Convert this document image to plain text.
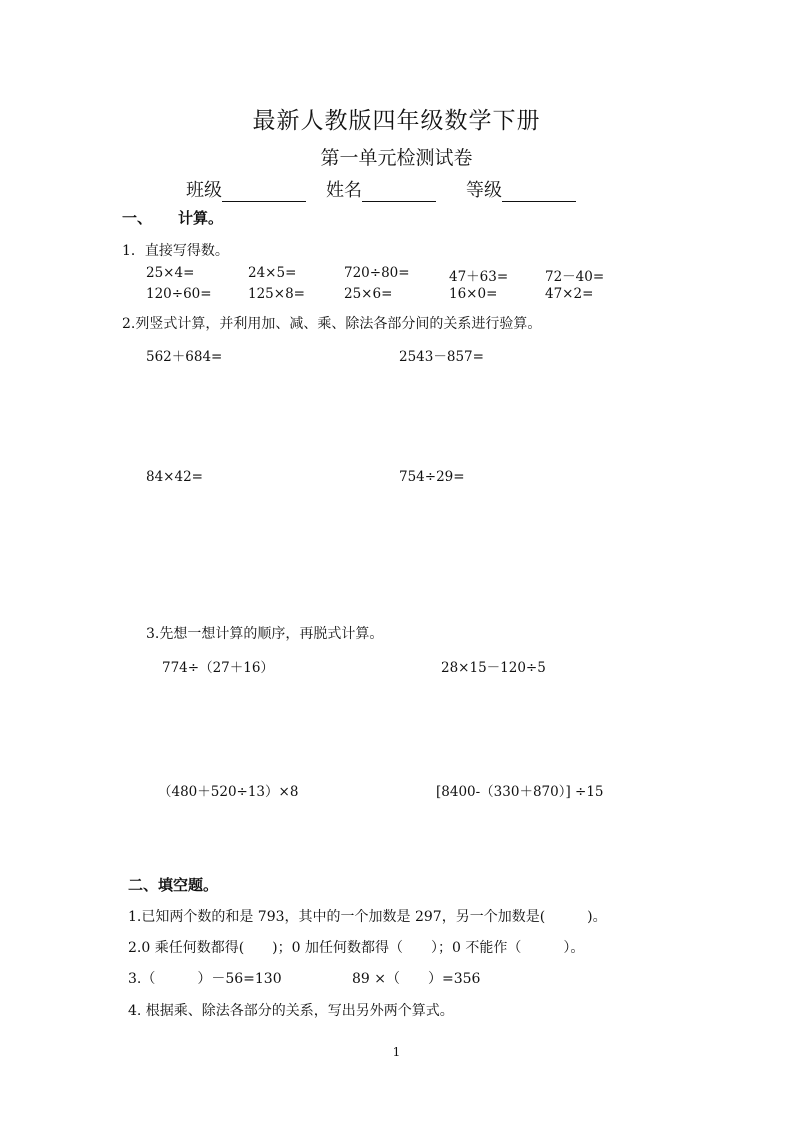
最新人教版四年级数学下册
第一单元检测试卷
班级	姓名	等级
一、 计算。
1．直接写得数。
25×4=	24×5=	720÷80=	47＋63=	72－40=
120÷60=	125×8=	25×6=	16×0=	47×2=
2.列竖式计算，并利用加、减、乘、除法各部分间的关系进行验算。
562＋684=	2543－857=
84×42=	754÷29=
3.先想一想计算的顺序，再脱式计算。
774÷（27＋16）	28×15－120÷5
（480＋520÷13）×8	[8400-（330＋870）] ÷15
二、填空题。
1.已知两个数的和是 793，其中的一个加数是 297，另一个加数是(　　　)。
2.0 乘任何数都得(　　)；0 加任何数都得（　　）；0 不能作（　　　）。
3.（　　　）－56=130	89 ×（　　）=356
4. 根据乘、除法各部分的关系，写出另外两个算式。
1
